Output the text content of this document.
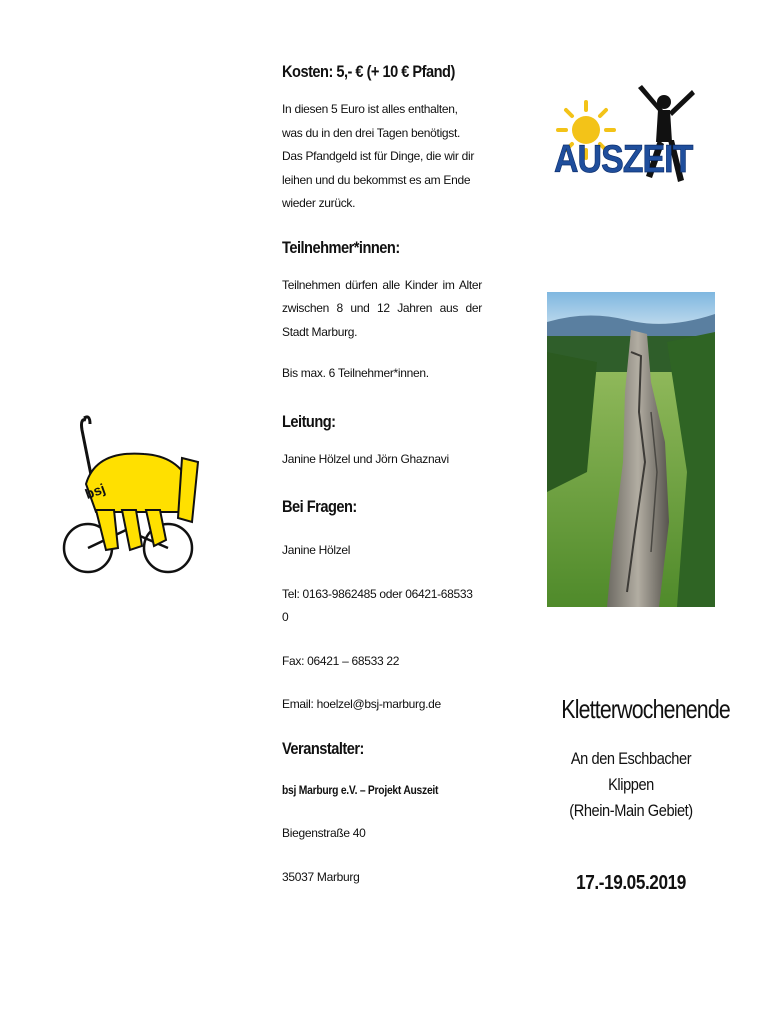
Kosten: 5,- € (+ 10 € Pfand)

In diesen 5 Euro ist alles enthalten, was du in den drei Tagen benötigst. Das Pfandgeld ist für Dinge, die wir dir leihen und du bekommst es am Ende wieder zurück.

Teilnehmer*innen:

Teilnehmen dürfen alle Kinder im Alter zwischen 8 und 12 Jahren aus der Stadt Marburg.

Bis max. 6 Teilnehmer*innen.

Leitung:

Janine Hölzel und Jörn Ghaznavi

Bei Fragen:

Janine Hölzel

Tel: 0163-9862485 oder 06421-68533 0

Fax: 06421 – 68533 22

Email: hoelzel@bsj-marburg.de

Veranstalter:

bsj Marburg e.V. – Projekt Auszeit

Biegenstraße 40

35037 Marburg

AUSZEIT
bsj
Kletterwochenende
An den Eschbacher Klippen
(Rhein-Main Gebiet)
17.-19.05.2019
